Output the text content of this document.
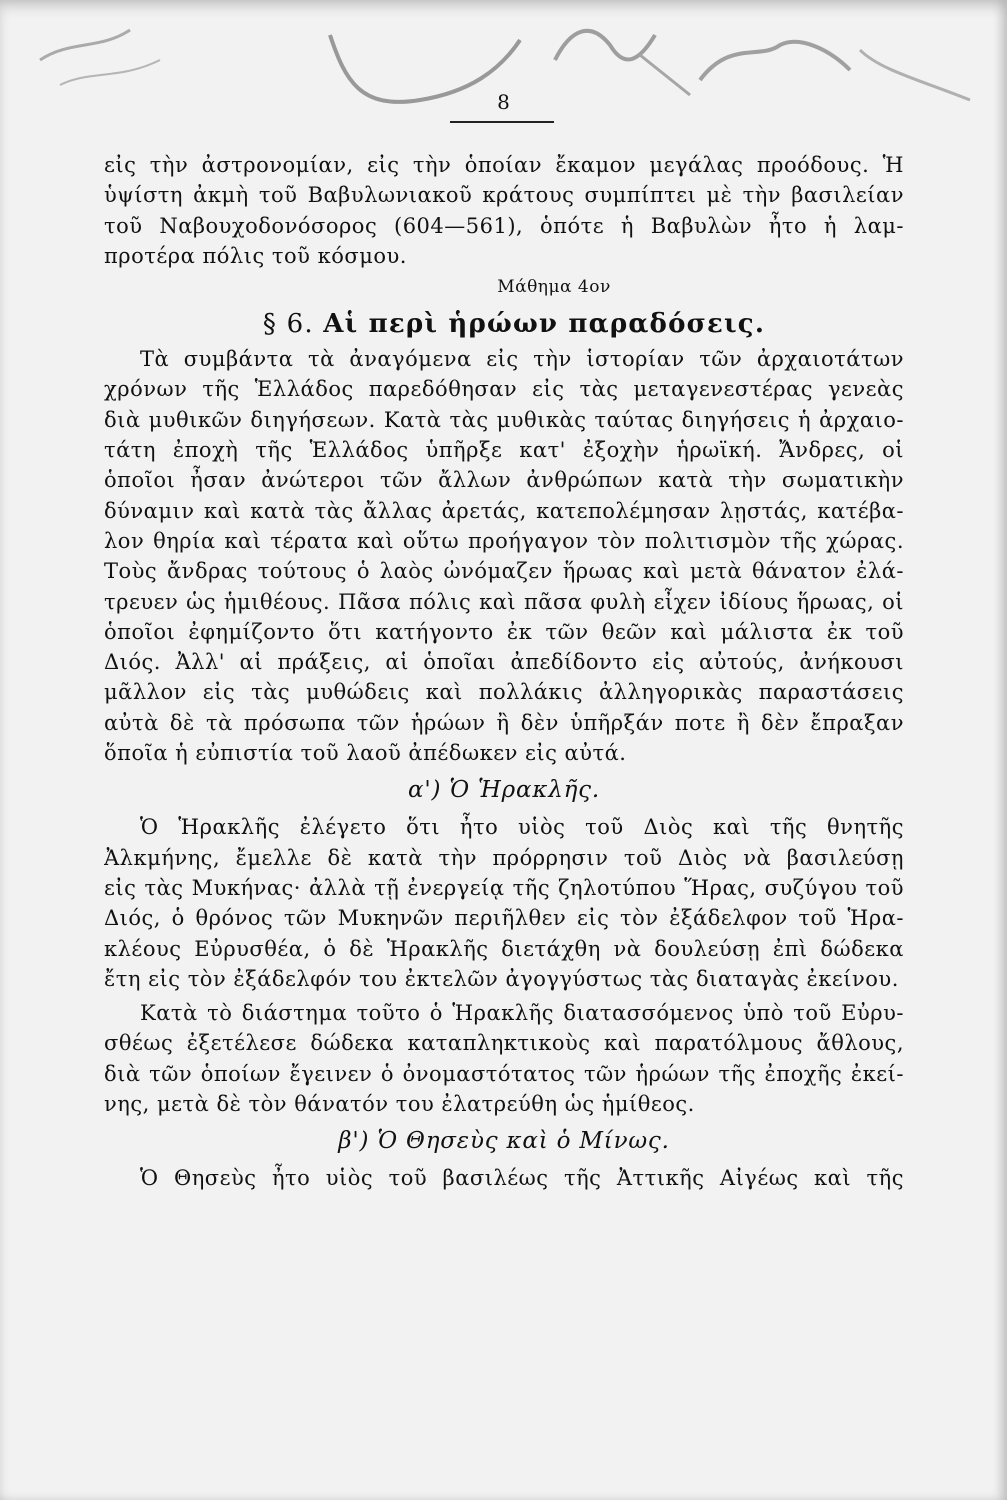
8
εἰς τὴν ἀστρονομίαν, εἰς τὴν ὁποίαν ἔκαμον μεγάλας προόδους. Ἡ
ὑψίστη ἀκμὴ τοῦ Βαβυλωνιακοῦ κράτους συμπίπτει μὲ τὴν βασιλείαν
τοῦ Ναβουχοδονόσορος (604—561), ὁπότε ἡ Βαβυλὼν ἦτο ἡ λαμ-
προτέρα πόλις τοῦ κόσμου.
Μάθημα 4ον
§ 6. Αἱ περὶ ἡρώων παραδόσεις.
Τὰ συμβάντα τὰ ἀναγόμενα εἰς τὴν ἱστορίαν τῶν ἀρχαιοτάτων
χρόνων τῆς Ἑλλάδος παρεδόθησαν εἰς τὰς μεταγενεστέρας γενεὰς
διὰ μυθικῶν διηγήσεων. Κατὰ τὰς μυθικὰς ταύτας διηγήσεις ἡ ἀρχαιο-
τάτη ἐποχὴ τῆς Ἑλλάδος ὑπῆρξε κατ' ἐξοχὴν ἡρωϊκή. Ἄνδρες, οἱ
ὁποῖοι ἦσαν ἀνώτεροι τῶν ἄλλων ἀνθρώπων κατὰ τὴν σωματικὴν
δύναμιν καὶ κατὰ τὰς ἄλλας ἀρετάς, κατεπολέμησαν λῃστάς, κατέβα-
λον θηρία καὶ τέρατα καὶ οὕτω προήγαγον τὸν πολιτισμὸν τῆς χώρας.
Τοὺς ἄνδρας τούτους ὁ λαὸς ὠνόμαζεν ἥρωας καὶ μετὰ θάνατον ἐλά-
τρευεν ὡς ἡμιθέους. Πᾶσα πόλις καὶ πᾶσα φυλὴ εἶχεν ἰδίους ἥρωας, οἱ
ὁποῖοι ἐφημίζοντο ὅτι κατήγοντο ἐκ τῶν θεῶν καὶ μάλιστα ἐκ τοῦ
Διός. Ἀλλ' αἱ πράξεις, αἱ ὁποῖαι ἀπεδίδοντο εἰς αὐτούς, ἀνήκουσι
μᾶλλον εἰς τὰς μυθώδεις καὶ πολλάκις ἀλληγορικὰς παραστάσεις
αὐτὰ δὲ τὰ πρόσωπα τῶν ἡρώων ἢ δὲν ὑπῆρξάν ποτε ἢ δὲν ἔπραξαν
ὅποῖα ἡ εὐπιστία τοῦ λαοῦ ἀπέδωκεν εἰς αὐτά.
α') Ὁ Ἡρακλῆς.
Ὁ Ἡρακλῆς ἐλέγετο ὅτι ἦτο υἱὸς τοῦ Διὸς καὶ τῆς θνητῆς
Ἀλκμήνης, ἔμελλε δὲ κατὰ τὴν πρόρρησιν τοῦ Διὸς νὰ βασιλεύσῃ
εἰς τὰς Μυκήνας· ἀλλὰ τῇ ἐνεργείᾳ τῆς ζηλοτύπου Ἥρας, συζύγου τοῦ
Διός, ὁ θρόνος τῶν Μυκηνῶν περιῆλθεν εἰς τὸν ἐξάδελφον τοῦ Ἡρα-
κλέους Εὐρυσθέα, ὁ δὲ Ἡρακλῆς διετάχθη νὰ δουλεύσῃ ἐπὶ δώδεκα
ἔτη εἰς τὸν ἐξάδελφόν του ἐκτελῶν ἀγογγύστως τὰς διαταγὰς ἐκείνου.
Κατὰ τὸ διάστημα τοῦτο ὁ Ἡρακλῆς διατασσόμενος ὑπὸ τοῦ Εὐρυ-
σθέως ἐξετέλεσε δώδεκα καταπληκτικοὺς καὶ παρατόλμους ἄθλους,
διὰ τῶν ὁποίων ἔγεινεν ὁ ὀνομαστότατος τῶν ἡρώων τῆς ἐποχῆς ἐκεί-
νης, μετὰ δὲ τὸν θάνατόν του ἐλατρεύθη ὡς ἡμίθεος.
β') Ὁ Θησεὺς καὶ ὁ Μίνως.
Ὁ Θησεὺς ἦτο υἱὸς τοῦ βασιλέως τῆς Ἀττικῆς Αἰγέως καὶ τῆς
